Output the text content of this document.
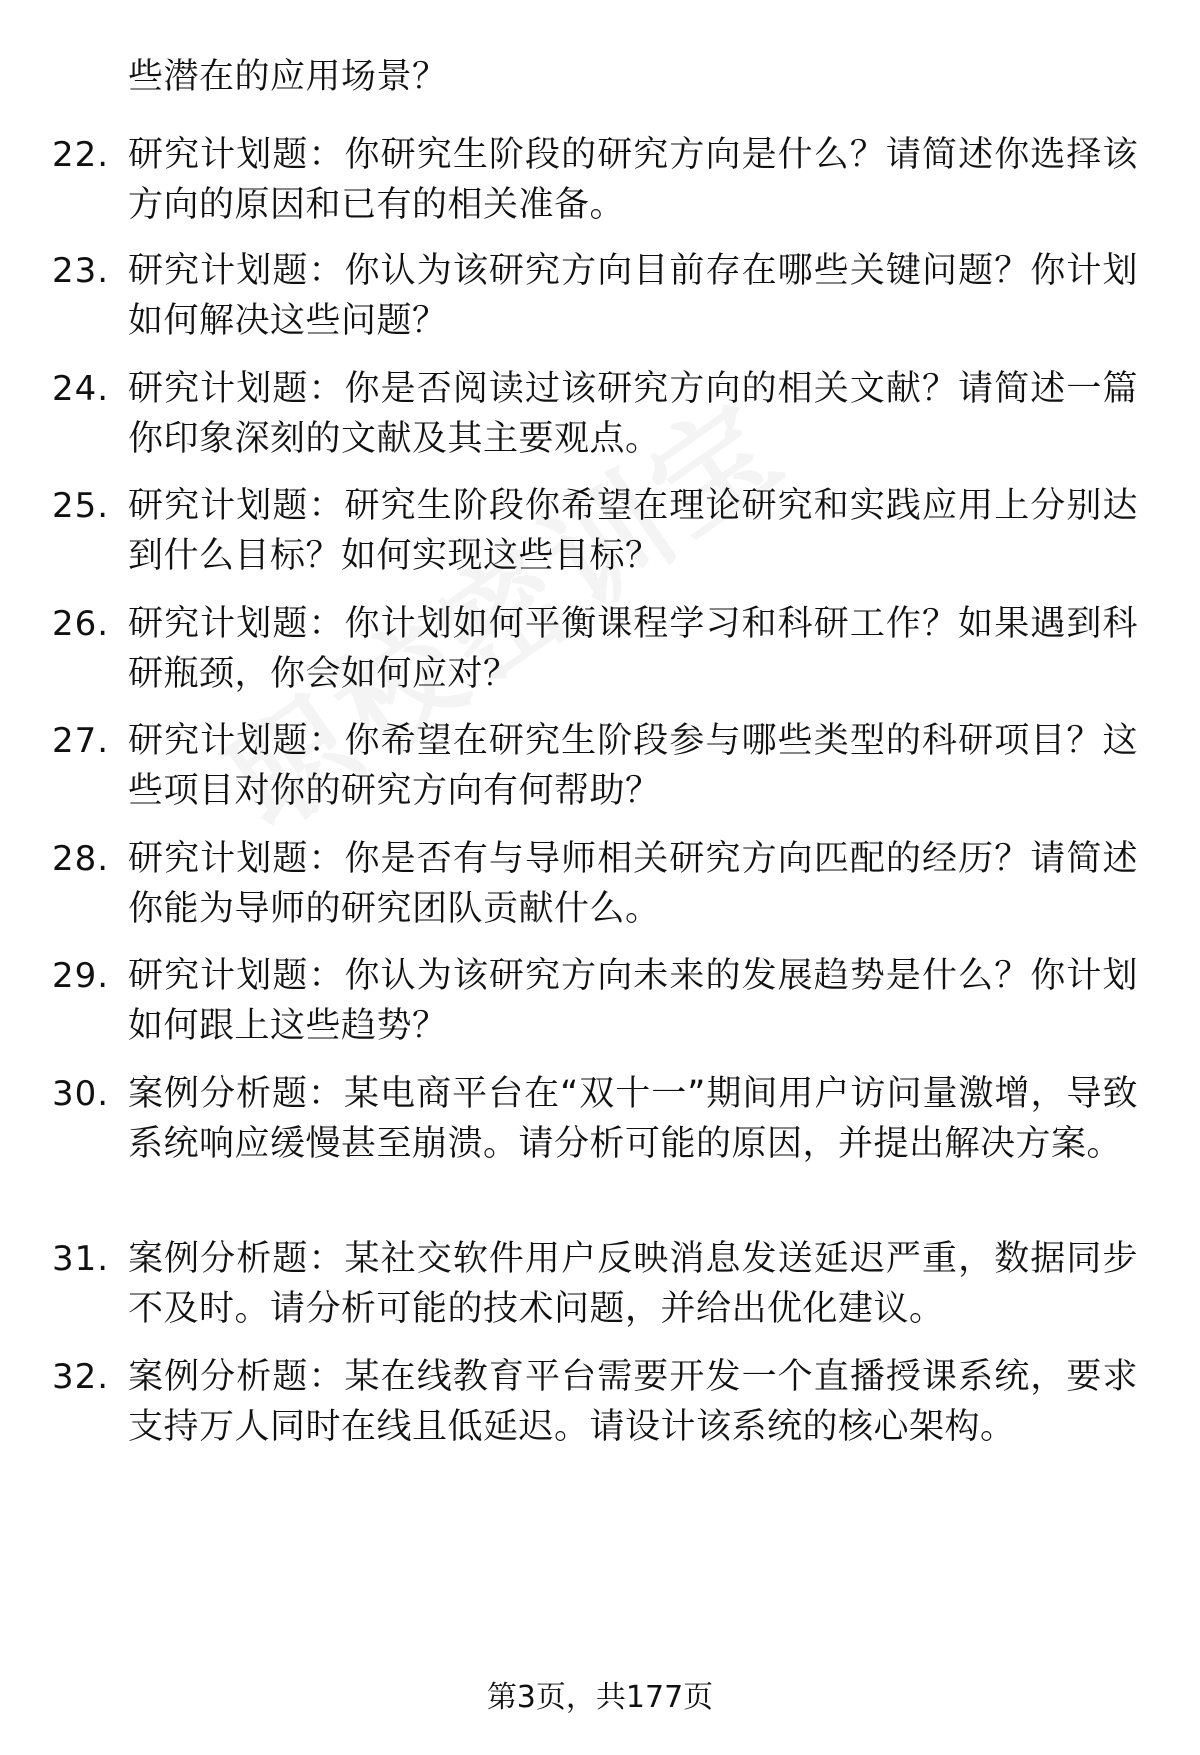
些潜在的应用场景？
22. 研究计划题：你研究生阶段的研究方向是什么？请简述你选择该方向的原因和已有的相关准备。
23. 研究计划题：你认为该研究方向目前存在哪些关键问题？你计划如何解决这些问题？
24. 研究计划题：你是否阅读过该研究方向的相关文献？请简述一篇你印象深刻的文献及其主要观点。
25. 研究计划题：研究生阶段你希望在理论研究和实践应用上分别达到什么目标？如何实现这些目标？
26. 研究计划题：你计划如何平衡课程学习和科研工作？如果遇到科研瓶颈，你会如何应对？
27. 研究计划题：你希望在研究生阶段参与哪些类型的科研项目？这些项目对你的研究方向有何帮助？
28. 研究计划题：你是否有与导师相关研究方向匹配的经历？请简述你能为导师的研究团队贡献什么。
29. 研究计划题：你认为该研究方向未来的发展趋势是什么？你计划如何跟上这些趋势？
30. 案例分析题：某电商平台在“双十一”期间用户访问量激增，导致系统响应缓慢甚至崩溃。请分析可能的原因，并提出解决方案。
31. 案例分析题：某社交软件用户反映消息发送延迟严重，数据同步不及时。请分析可能的技术问题，并给出优化建议。
32. 案例分析题：某在线教育平台需要开发一个直播授课系统，要求支持万人同时在线且低延迟。请设计该系统的核心架构。
第3页，共177页
